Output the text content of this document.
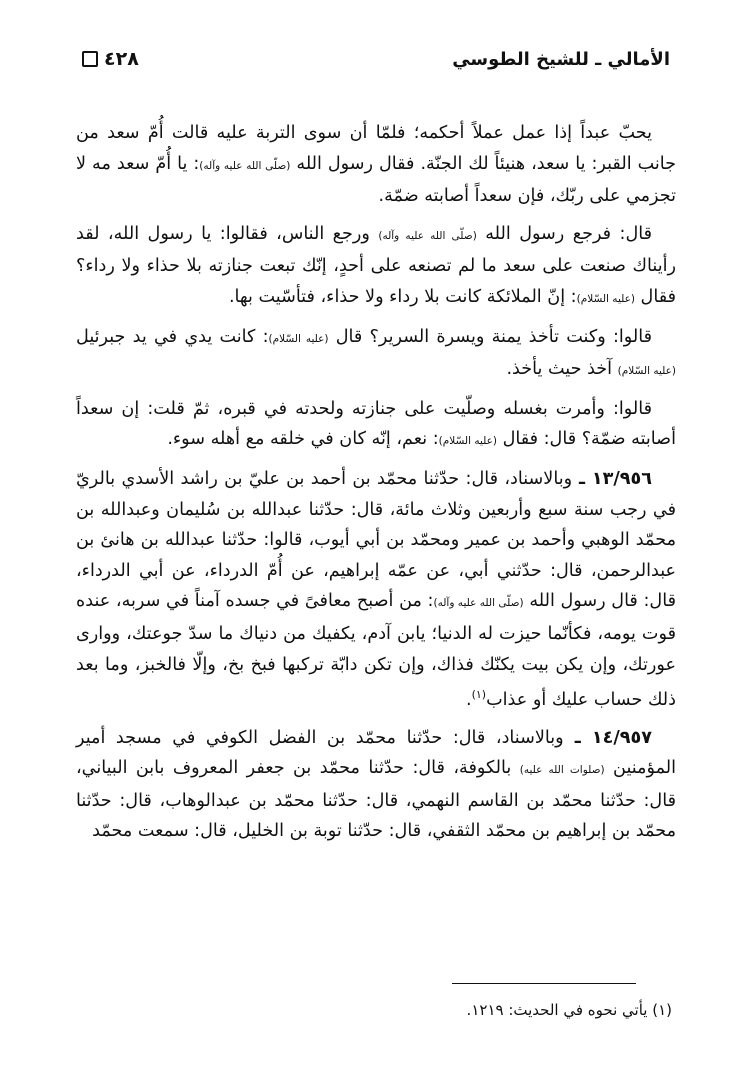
الأمالي ـ للشيخ الطوسي
٤٢٨

يحبّ عبداً إذا عمل عملاً أحكمه؛ فلمّا أن سوى التربة عليه قالت أُمّ سعد من جانب القبر: يا سعد، هنيئاً لك الجنّة. فقال رسول الله (صلّى الله عليه وآله): يا أُمّ سعد مه لا تجزمي على ربّك، فإن سعداً أصابته ضمّة.

قال: فرجع رسول الله (صلّى الله عليه وآله) ورجع الناس، فقالوا: يا رسول الله، لقد رأيناك صنعت على سعد ما لم تصنعه على أحدٍ، إنّك تبعت جنازته بلا حذاء ولا رداء؟ فقال (عليه السّلام): إنّ الملائكة كانت بلا رداء ولا حذاء، فتأسّيت بها.

قالوا: وكنت تأخذ يمنة ويسرة السرير؟ قال (عليه السّلام): كانت يدي في يد جبرئيل (عليه السّلام) آخذ حيث يأخذ.

قالوا: وأمرت بغسله وصلّيت على جنازته ولحدته في قبره، ثمّ قلت: إن سعداً أصابته ضمّة؟ قال: فقال (عليه السّلام): نعم، إنّه كان في خلقه مع أهله سوء.

١٣/٩٥٦ ـ وبالاسناد، قال: حدّثنا محمّد بن أحمد بن عليّ بن راشد الأسدي بالريّ في رجب سنة سبع وأربعين وثلاث مائة، قال: حدّثنا عبدالله بن سُليمان وعبدالله بن محمّد الوهبي وأحمد بن عمير ومحمّد بن أبي أيوب، قالوا: حدّثنا عبدالله بن هانئ بن عبدالرحمن، قال: حدّثني أبي، عن عمّه إبراهيم، عن أُمّ الدرداء، عن أبي الدرداء، قال: قال رسول الله (صلّى الله عليه وآله): من أصبح معافىً في جسده آمناً في سربه، عنده قوت يومه، فكأنّما حيزت له الدنيا؛ يابن آدم، يكفيك من دنياك ما سدّ جوعتك، ووارى عورتك، وإن يكن بيت يكنّك فذاك، وإن تكن دابّة تركبها فبخ بخ، وإلّا فالخبز، وما بعد ذلك حساب عليك أو عذاب$^{(١)}$.

١٤/٩٥٧ ـ وبالاسناد، قال: حدّثنا محمّد بن الفضل الكوفي في مسجد أمير المؤمنين (صلوات الله عليه) بالكوفة، قال: حدّثنا محمّد بن جعفر المعروف بابن البياني، قال: حدّثنا محمّد بن القاسم النهمي، قال: حدّثنا محمّد بن عبدالوهاب، قال: حدّثنا محمّد بن إبراهيم بن محمّد الثقفي، قال: حدّثنا توبة بن الخليل، قال: سمعت محمّد

(١) يأتي نحوه في الحديث: ١٢١٩.
